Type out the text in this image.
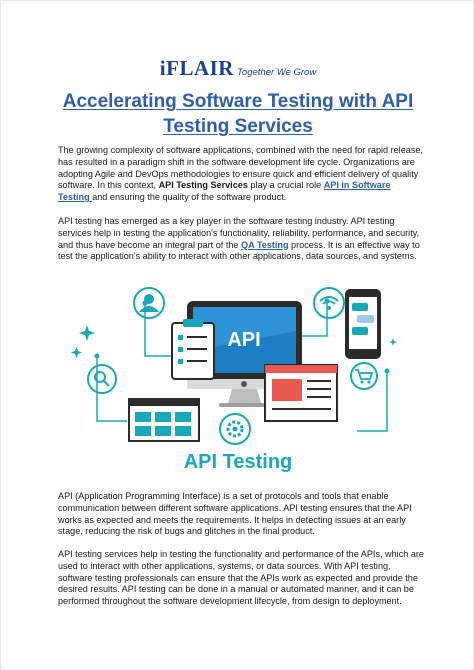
iFLAIR Together We Grow
Accelerating Software Testing with API Testing Services

The growing complexity of software applications, combined with the need for rapid release, has resulted in a paradigm shift in the software development life cycle. Organizations are adopting Agile and DevOps methodologies to ensure quick and efficient delivery of quality software. In this context, API Testing Services play a crucial role API in Software Testing and ensuring the quality of the software product.

API testing has emerged as a key player in the software testing industry. API testing services help in testing the application's functionality, reliability, performance, and security, and thus have become an integral part of the QA Testing process. It is an effective way to test the application's ability to interact with other applications, data sources, and systems.

API
API Testing

API (Application Programming Interface) is a set of protocols and tools that enable communication between different software applications. API testing ensures that the API works as expected and meets the requirements. It helps in detecting issues at an early stage, reducing the risk of bugs and glitches in the final product.

API testing services help in testing the functionality and performance of the APIs, which are used to interact with other applications, systems, or data sources. With API testing, software testing professionals can ensure that the APIs work as expected and provide the desired results. API testing can be done in a manual or automated manner, and it can be performed throughout the software development lifecycle, from design to deployment.
